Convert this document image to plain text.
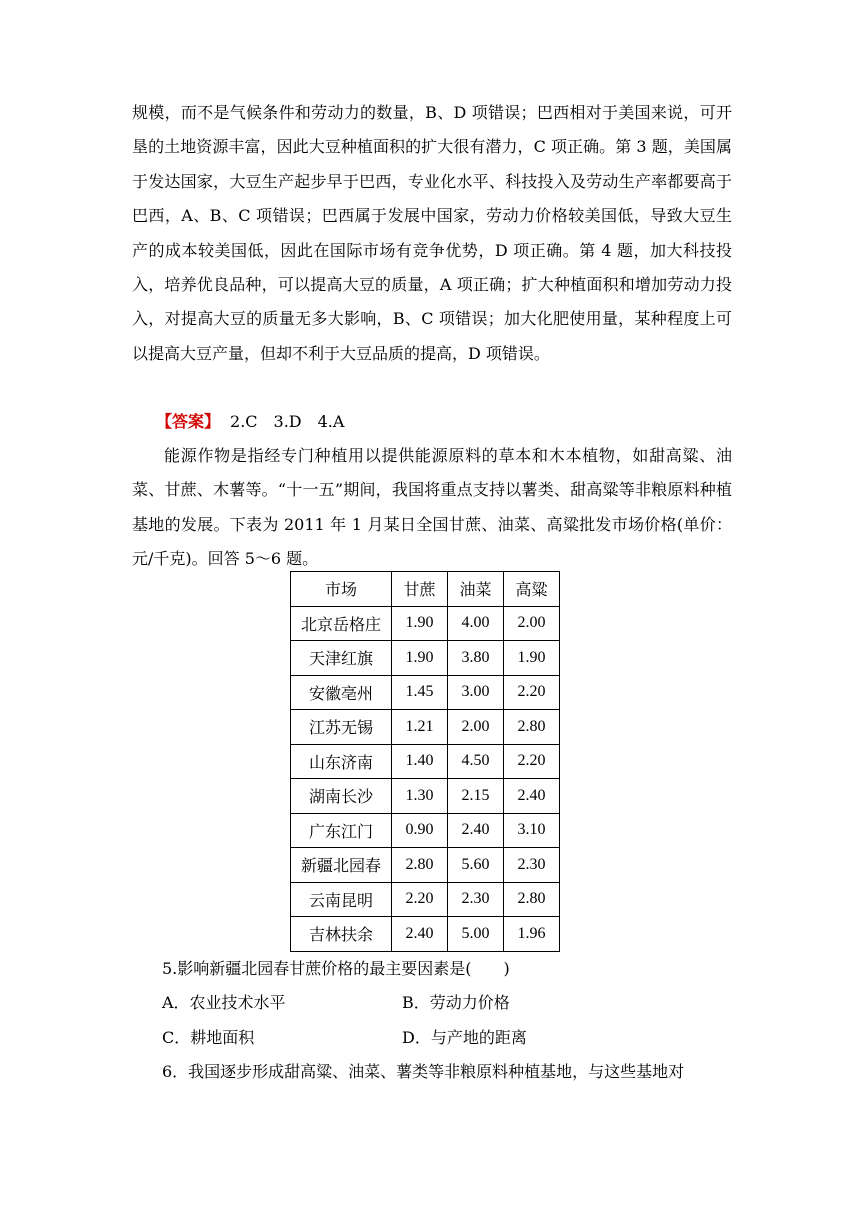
规模，而不是气候条件和劳动力的数量，B、D 项错误；巴西相对于美国来说，可开垦的土地资源丰富，因此大豆种植面积的扩大很有潜力，C 项正确。第 3 题，美国属于发达国家，大豆生产起步早于巴西，专业化水平、科技投入及劳动生产率都要高于巴西，A、B、C 项错误；巴西属于发展中国家，劳动力价格较美国低，导致大豆生产的成本较美国低，因此在国际市场有竞争优势，D 项正确。第 4 题，加大科技投入，培养优良品种，可以提高大豆的质量，A 项正确；扩大种植面积和增加劳动力投入，对提高大豆的质量无多大影响，B、C 项错误；加大化肥使用量，某种程度上可以提高大豆产量，但却不利于大豆品质的提高，D 项错误。
【答案】 2.C　3.D　4.A
能源作物是指经专门种植用以提供能源原料的草本和木本植物，如甜高粱、油菜、甘蔗、木薯等。“十一五”期间，我国将重点支持以薯类、甜高粱等非粮原料种植基地的发展。下表为 2011 年 1 月某日全国甘蔗、油菜、高粱批发市场价格(单价：元/千克)。回答 5～6 题。
市场	甘蔗	油菜	高粱
北京岳格庄	1.90	4.00	2.00
天津红旗	1.90	3.80	1.90
安徽亳州	1.45	3.00	2.20
江苏无锡	1.21	2.00	2.80
山东济南	1.40	4.50	2.20
湖南长沙	1.30	2.15	2.40
广东江门	0.90	2.40	3.10
新疆北园春	2.80	5.60	2.30
云南昆明	2.20	2.30	2.80
吉林扶余	2.40	5.00	1.96
5.影响新疆北园春甘蔗价格的最主要因素是(　　)
A．农业技术水平	B．劳动力价格
C．耕地面积	D．与产地的距离
6．我国逐步形成甜高粱、油菜、薯类等非粮原料种植基地，与这些基地对
